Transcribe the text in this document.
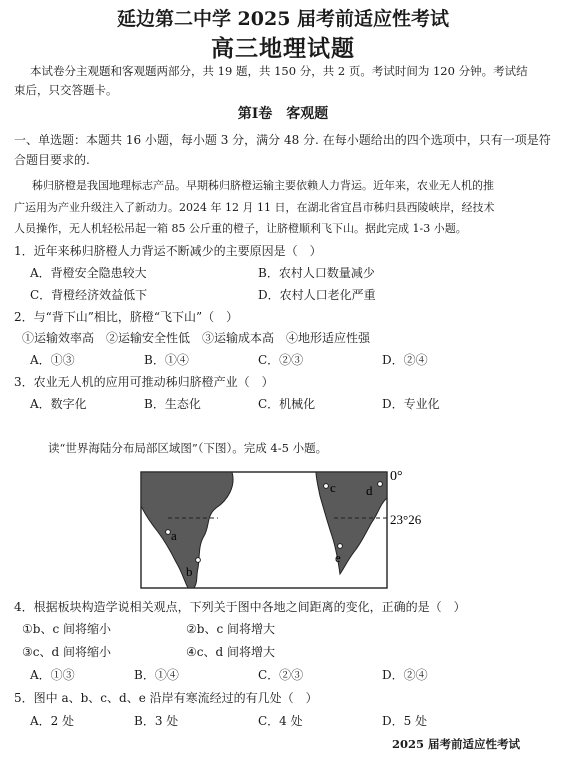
延边第二中学 2025 届考前适应性考试
高三地理试题
本试卷分主观题和客观题两部分，共 19 题，共 150 分，共 2 页。考试时间为 120 分钟。考试结
束后，只交答题卡。
第Ⅰ卷　客观题
一、单选题：本题共 16 小题，每小题 3 分，满分 48 分. 在每小题给出的四个选项中，只有一项是符
合题目要求的.
秭归脐橙是我国地理标志产品。早期秭归脐橙运输主要依赖人力背运。近年来，农业无人机的推
广运用为产业升级注入了新动力。2024 年 12 月 11 日，在湖北省宜昌市秭归县西陵峡岸，经技术
人员操作，无人机轻松吊起一箱 85 公斤重的橙子，让脐橙顺利飞下山。据此完成 1-3 小题。
1．近年来秭归脐橙人力背运不断减少的主要原因是（　）
A．背橙安全隐患较大	B．农村人口数量减少
C．背橙经济效益低下	D．农村人口老化严重
2．与“背下山”相比，脐橙“飞下山”（　）
①运输效率高　②运输安全性低　③运输成本高　④地形适应性强
A．①③	B．①④	C．②③	D．②④
3．农业无人机的应用可推动秭归脐橙产业（　）
A．数字化	B．生态化	C．机械化	D．专业化
读“世界海陆分布局部区域图”（下图）。完成 4-5 小题。
a
b
c d
e
0°
23°26′
4．根据板块构造学说相关观点，下列关于图中各地之间距离的变化，正确的是（　）
①b、c 间将缩小	②b、c 间将增大
③c、d 间将缩小	④c、d 间将增大
A．①③	B．①④	C．②③	D．②④
5．图中 a、b、c、d、e 沿岸有寒流经过的有几处（　）
A．2 处	B．3 处	C．4 处	D．5 处
2025 届考前适应性考试
